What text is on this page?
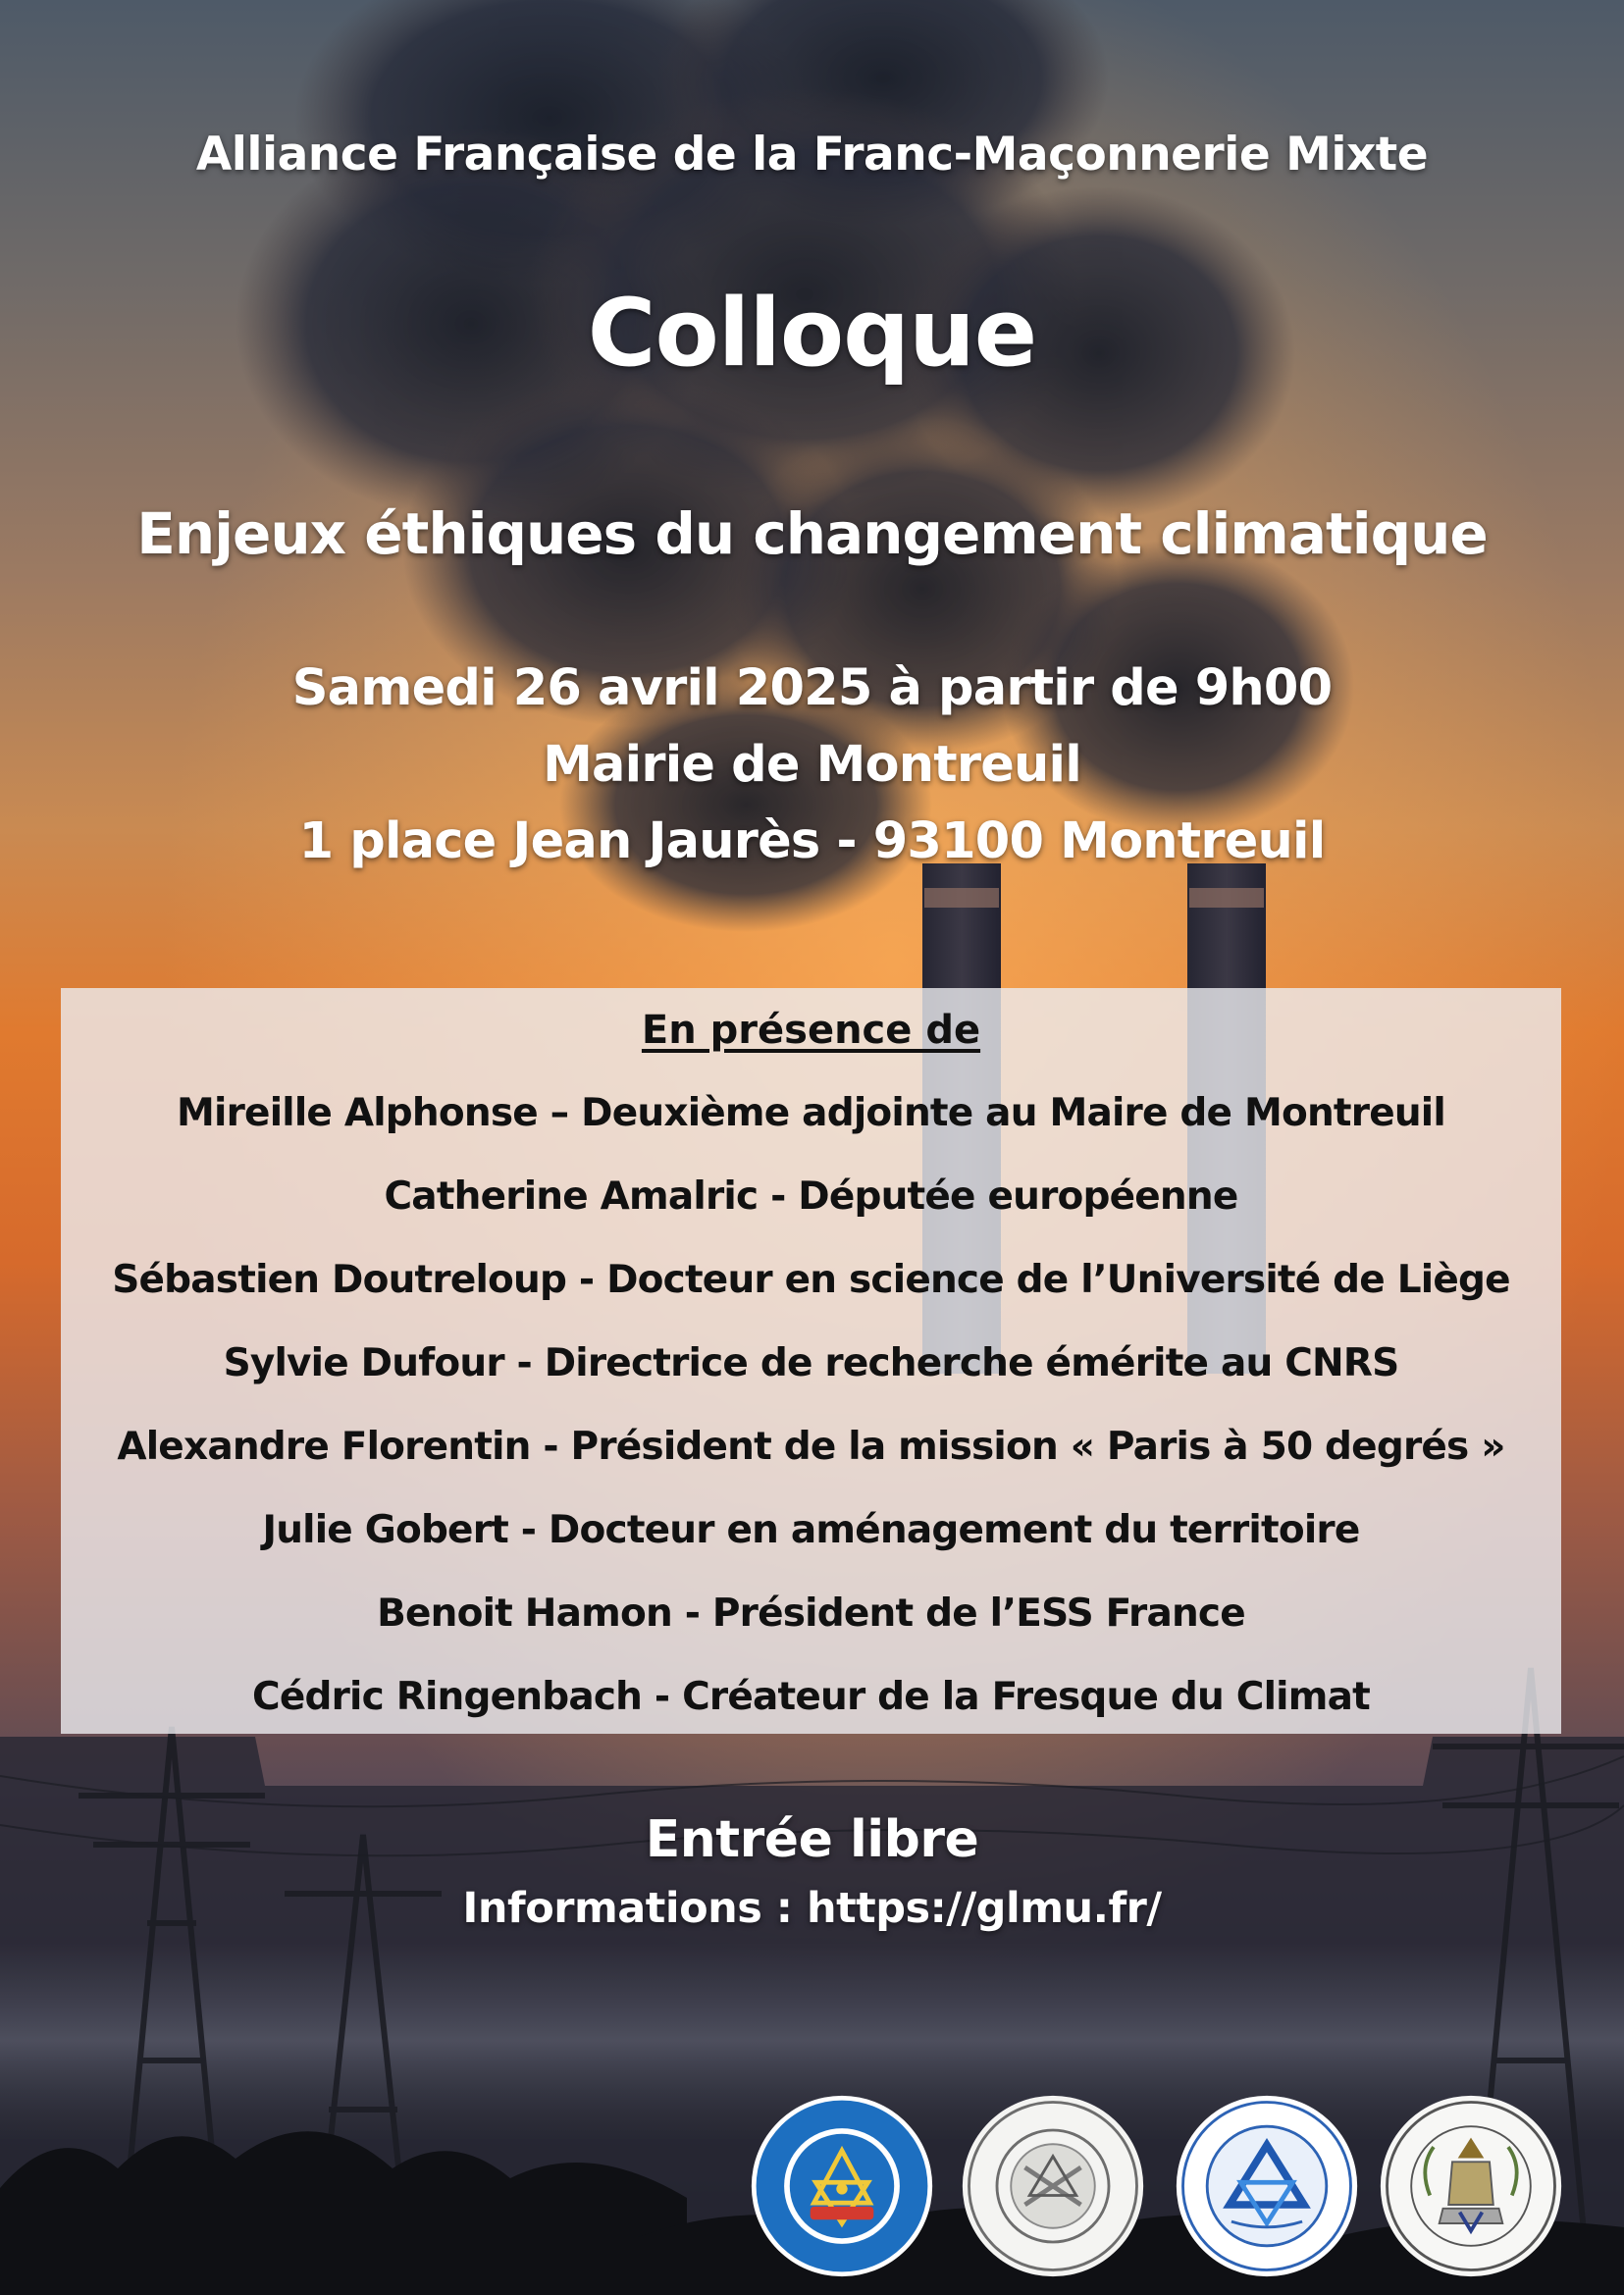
Alliance Française de la Franc-Maçonnerie Mixte
Colloque
Enjeux éthiques du changement climatique
Samedi 26 avril 2025 à partir de 9h00
Mairie de Montreuil
1 place Jean Jaurès - 93100 Montreuil
En présence de
Mireille Alphonse – Deuxième adjointe au Maire de Montreuil
Catherine Amalric - Députée européenne
Sébastien Doutreloup - Docteur en science de l’Université de Liège
Sylvie Dufour - Directrice de recherche émérite au CNRS
Alexandre Florentin - Président de la mission « Paris à 50 degrés »
Julie Gobert - Docteur en aménagement du territoire
Benoit Hamon - Président de l’ESS France
Cédric Ringenbach - Créateur de la Fresque du Climat
Entrée libre
Informations : https://glmu.fr/
